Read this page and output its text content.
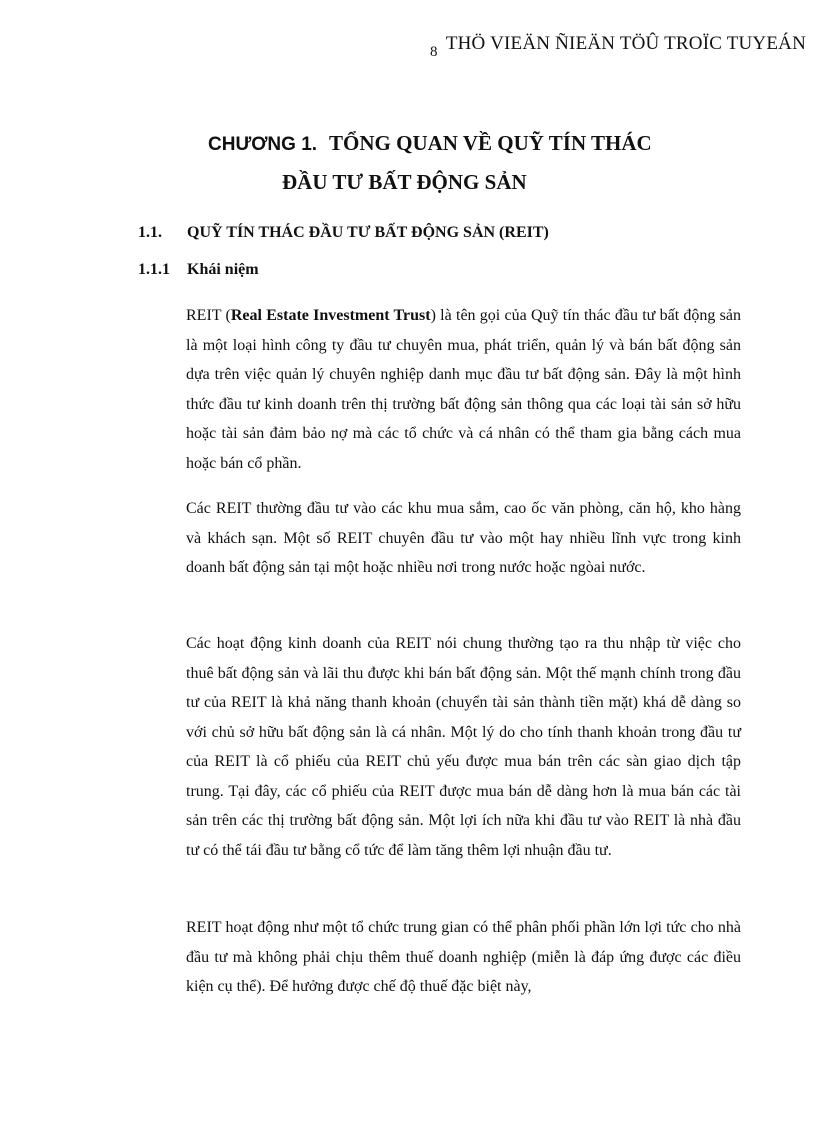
8 THÖ VIEÄN ÑIEÄN TÖÛ TROÏC TUYEÁN
CHƯƠNG 1. TỔNG QUAN VỀ QUỸ TÍN THÁC
ĐẦU TƯ BẤT ĐỘNG SẢN
1.1. QUỸ TÍN THÁC ĐẦU TƯ BẤT ĐỘNG SẢN (REIT)
1.1.1 Khái niệm

REIT (Real Estate Investment Trust) là tên gọi của Quỹ tín thác đầu tư bất động sản là một loại hình công ty đầu tư chuyên mua, phát triển, quản lý và bán bất động sản dựa trên việc quản lý chuyên nghiệp danh mục đầu tư bất động sản. Đây là một hình thức đầu tư kinh doanh trên thị trường bất động sản thông qua các loại tài sản sở hữu hoặc tài sản đảm bảo nợ mà các tổ chức và cá nhân có thể tham gia bằng cách mua hoặc bán cổ phần.

Các REIT thường đầu tư vào các khu mua sắm, cao ốc văn phòng, căn hộ, kho hàng và khách sạn. Một số REIT chuyên đầu tư vào một hay nhiều lĩnh vực trong kinh doanh bất động sản tại một hoặc nhiều nơi trong nước hoặc ngòai nước.

Các hoạt động kinh doanh của REIT nói chung thường tạo ra thu nhập từ việc cho thuê bất động sản và lãi thu được khi bán bất động sản. Một thế mạnh chính trong đầu tư của REIT là khả năng thanh khoản (chuyển tài sản thành tiền mặt) khá dễ dàng so với chủ sở hữu bất động sản là cá nhân. Một lý do cho tính thanh khoản trong đầu tư của REIT là cổ phiếu của REIT chủ yếu được mua bán trên các sàn giao dịch tập trung. Tại đây, các cổ phiếu của REIT được mua bán dễ dàng hơn là mua bán các tài sản trên các thị trường bất động sản. Một lợi ích nữa khi đầu tư vào REIT là nhà đầu tư có thể tái đầu tư bằng cổ tức để làm tăng thêm lợi nhuận đầu tư.

REIT hoạt động như một tổ chức trung gian có thể phân phối phần lớn lợi tức cho nhà đầu tư mà không phải chịu thêm thuế doanh nghiệp (miễn là đáp ứng được các điều kiện cụ thể). Để hưởng được chế độ thuế đặc biệt này,
